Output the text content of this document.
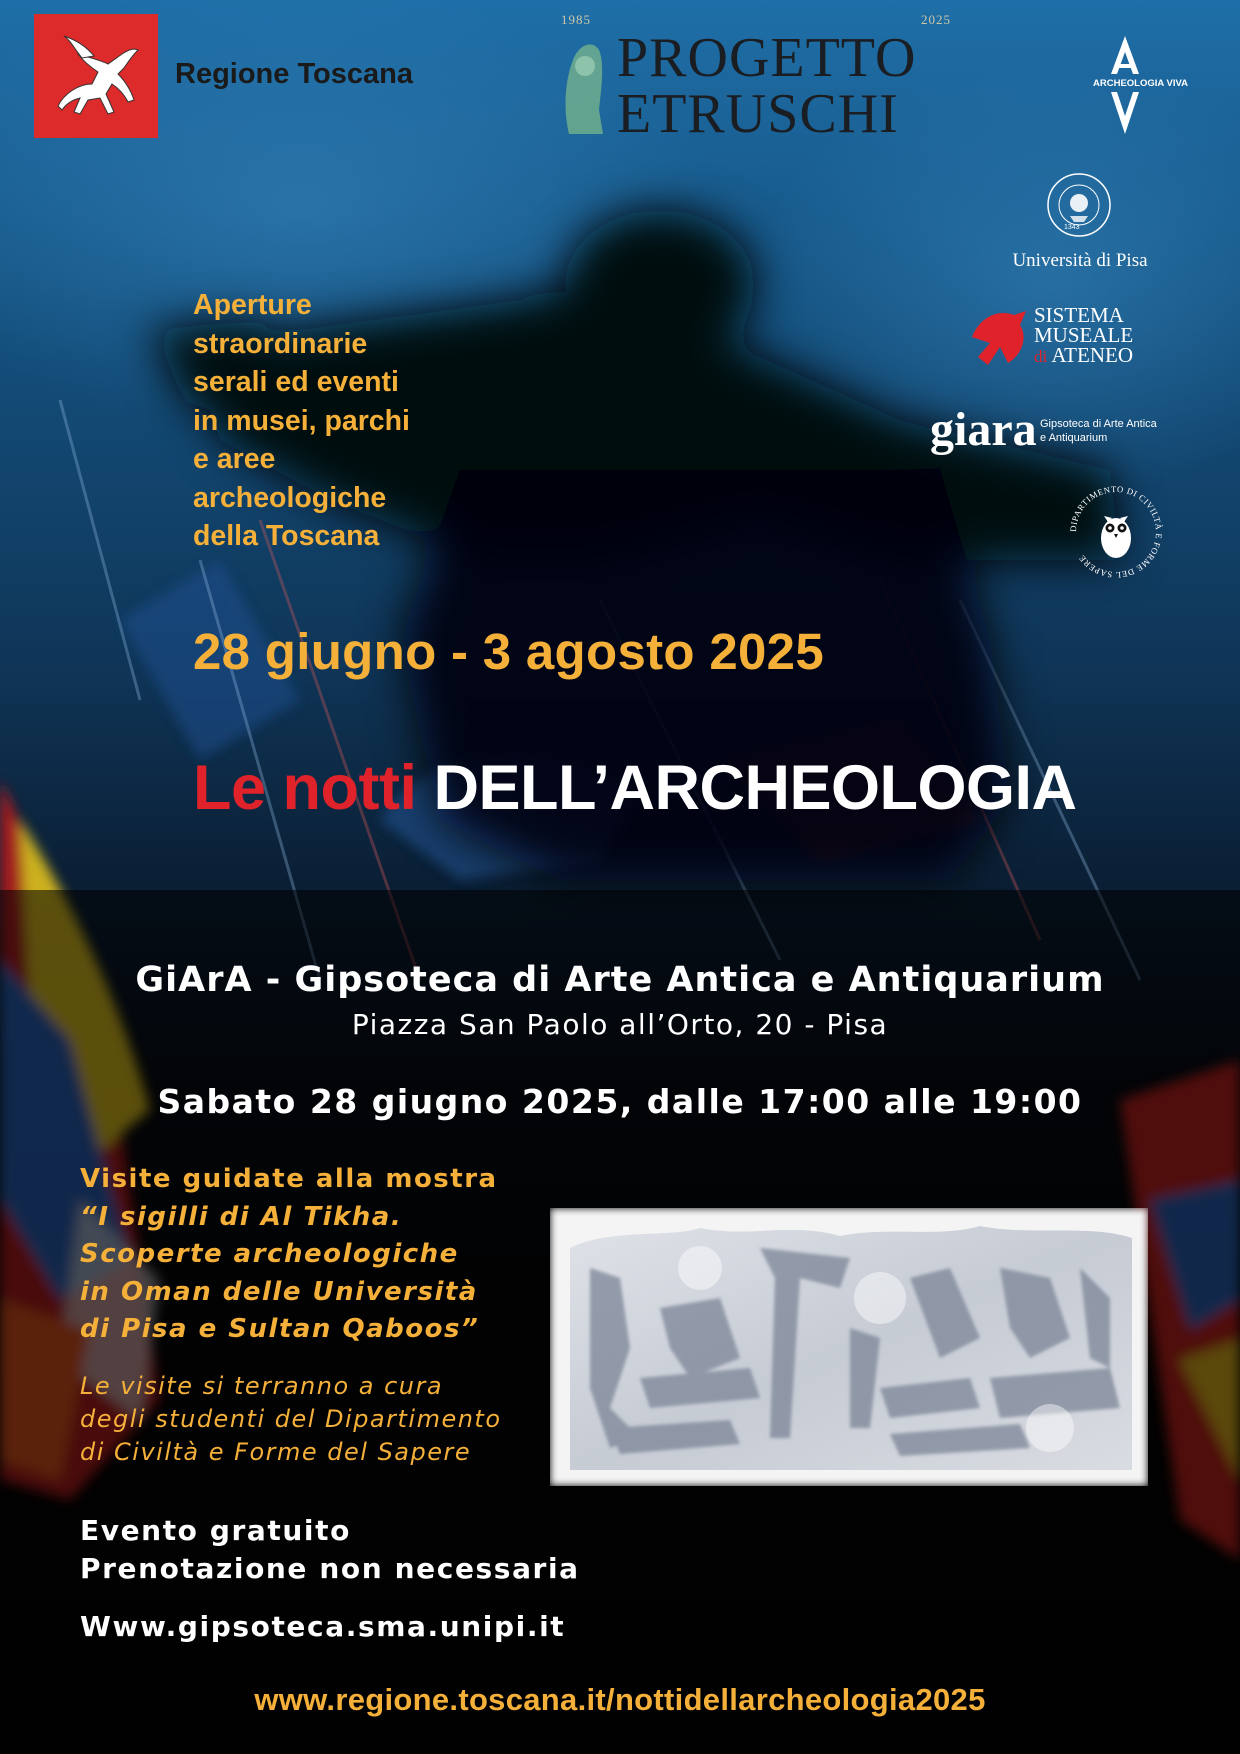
Regione Toscana
1985	2025
PROGETTO
ETRUSCHI	ARCHEOLOGIA VIVA
1343
Università di Pisa
SISTEMA
MUSEALE
di ATENEO
giara Gipsoteca di Arte Antica
e Antiquarium
DIPARTIMENTO DI CIVILTÀ E FORME DEL SAPERE
Aperture
straordinarie
serali ed eventi
in musei, parchi
e aree
archeologiche
della Toscana
28 giugno - 3 agosto 2025
Le notti DELL’ARCHEOLOGIA
GiArA - Gipsoteca di Arte Antica e Antiquarium
Piazza San Paolo all’Orto, 20 - Pisa
Sabato 28 giugno 2025, dalle 17:00 alle 19:00
Visite guidate alla mostra
“I sigilli di Al Tikha.
Scoperte archeologiche
in Oman delle Università
di Pisa e Sultan Qaboos”
Le visite si terranno a cura
degli studenti del Dipartimento
di Civiltà e Forme del Sapere
Evento gratuito
Prenotazione non necessaria
Www.gipsoteca.sma.unipi.it
www.regione.toscana.it/nottidellarcheologia2025
